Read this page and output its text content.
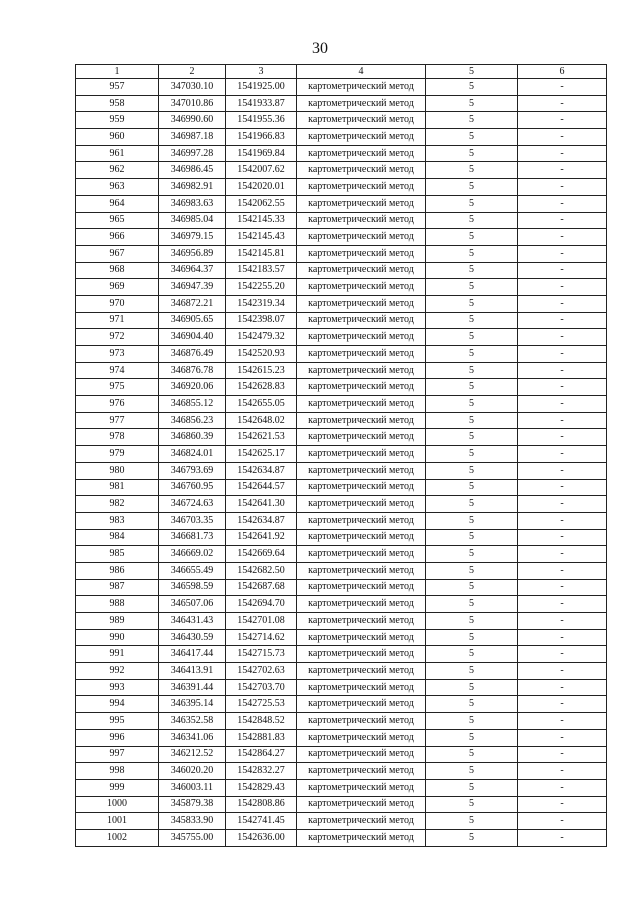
30
1	2	3	4	5	6
957	347030.10	1541925.00	картометрический метод	5	-
958	347010.86	1541933.87	картометрический метод	5	-
959	346990.60	1541955.36	картометрический метод	5	-
960	346987.18	1541966.83	картометрический метод	5	-
961	346997.28	1541969.84	картометрический метод	5	-
962	346986.45	1542007.62	картометрический метод	5	-
963	346982.91	1542020.01	картометрический метод	5	-
964	346983.63	1542062.55	картометрический метод	5	-
965	346985.04	1542145.33	картометрический метод	5	-
966	346979.15	1542145.43	картометрический метод	5	-
967	346956.89	1542145.81	картометрический метод	5	-
968	346964.37	1542183.57	картометрический метод	5	-
969	346947.39	1542255.20	картометрический метод	5	-
970	346872.21	1542319.34	картометрический метод	5	-
971	346905.65	1542398.07	картометрический метод	5	-
972	346904.40	1542479.32	картометрический метод	5	-
973	346876.49	1542520.93	картометрический метод	5	-
974	346876.78	1542615.23	картометрический метод	5	-
975	346920.06	1542628.83	картометрический метод	5	-
976	346855.12	1542655.05	картометрический метод	5	-
977	346856.23	1542648.02	картометрический метод	5	-
978	346860.39	1542621.53	картометрический метод	5	-
979	346824.01	1542625.17	картометрический метод	5	-
980	346793.69	1542634.87	картометрический метод	5	-
981	346760.95	1542644.57	картометрический метод	5	-
982	346724.63	1542641.30	картометрический метод	5	-
983	346703.35	1542634.87	картометрический метод	5	-
984	346681.73	1542641.92	картометрический метод	5	-
985	346669.02	1542669.64	картометрический метод	5	-
986	346655.49	1542682.50	картометрический метод	5	-
987	346598.59	1542687.68	картометрический метод	5	-
988	346507.06	1542694.70	картометрический метод	5	-
989	346431.43	1542701.08	картометрический метод	5	-
990	346430.59	1542714.62	картометрический метод	5	-
991	346417.44	1542715.73	картометрический метод	5	-
992	346413.91	1542702.63	картометрический метод	5	-
993	346391.44	1542703.70	картометрический метод	5	-
994	346395.14	1542725.53	картометрический метод	5	-
995	346352.58	1542848.52	картометрический метод	5	-
996	346341.06	1542881.83	картометрический метод	5	-
997	346212.52	1542864.27	картометрический метод	5	-
998	346020.20	1542832.27	картометрический метод	5	-
999	346003.11	1542829.43	картометрический метод	5	-
1000	345879.38	1542808.86	картометрический метод	5	-
1001	345833.90	1542741.45	картометрический метод	5	-
1002	345755.00	1542636.00	картометрический метод	5	-
